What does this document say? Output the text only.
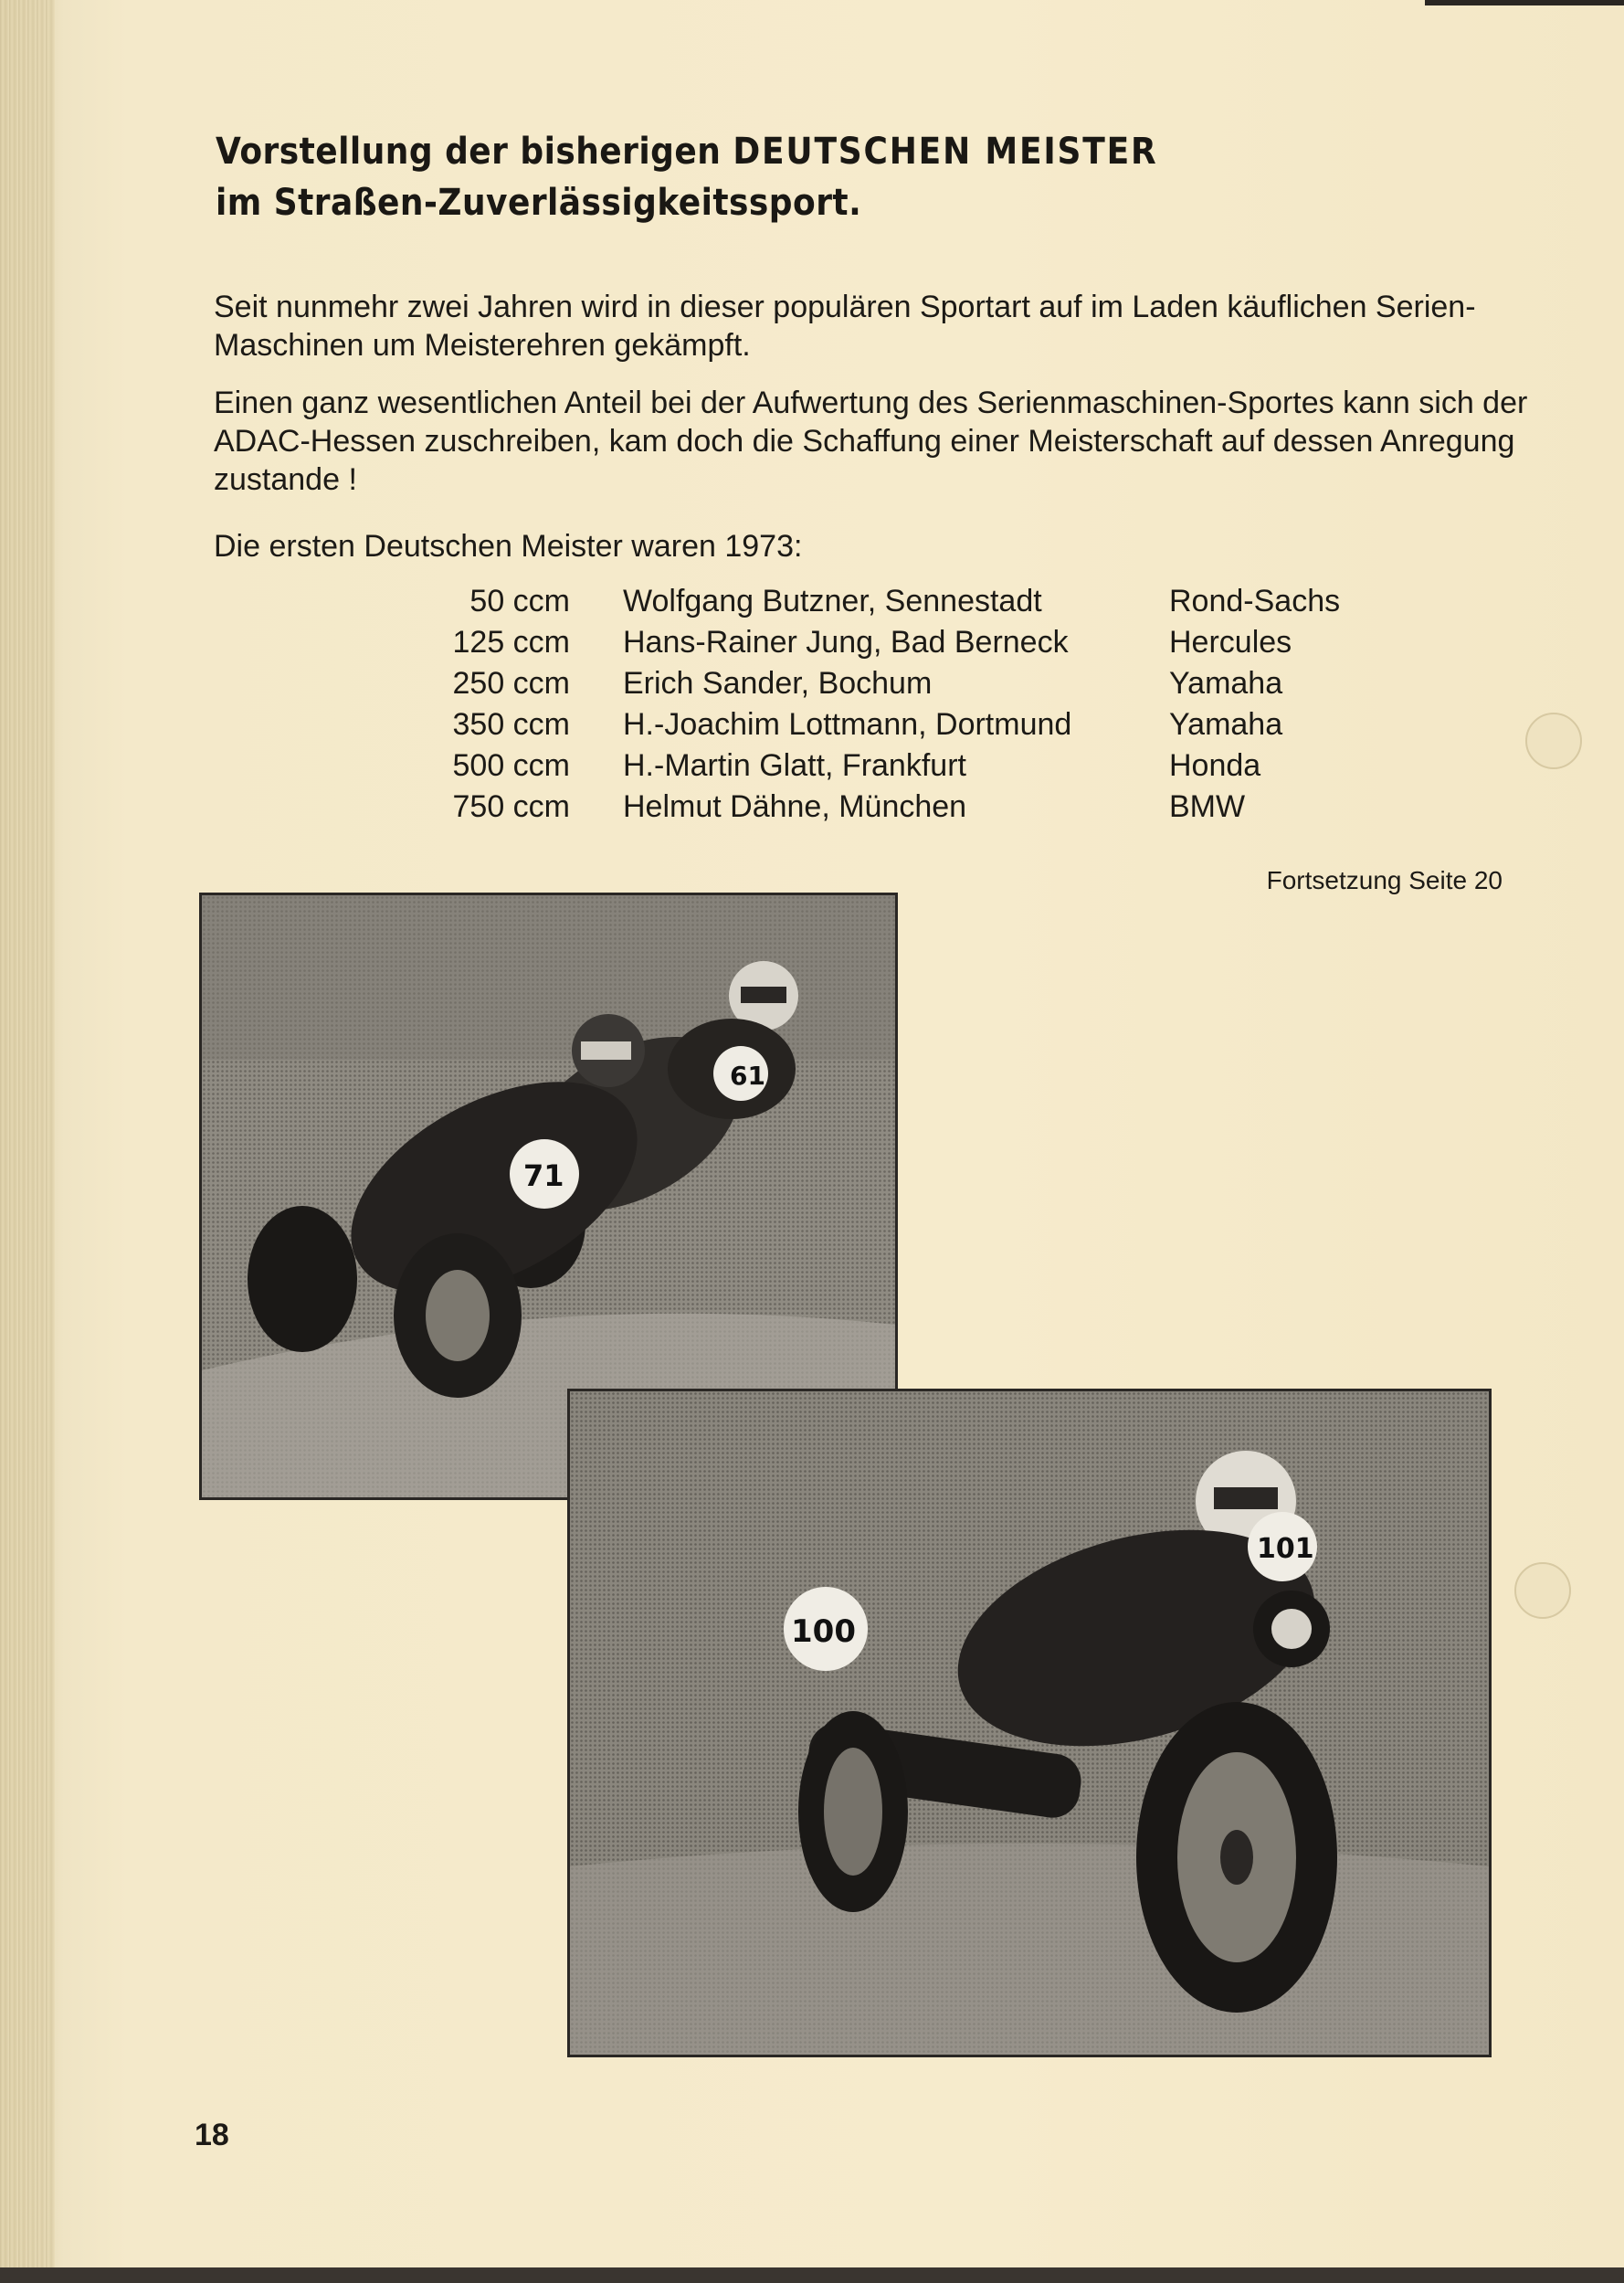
Vorstellung der bisherigen DEUTSCHEN MEISTER
im Straßen-Zuverlässigkeitssport.

Seit nunmehr zwei Jahren wird in dieser populären Sportart auf im Laden käuflichen Serien-Maschinen um Meisterehren gekämpft.

Einen ganz wesentlichen Anteil bei der Aufwertung des Serienmaschinen-Sportes kann sich der ADAC-Hessen zuschreiben, kam doch die Schaffung einer Meisterschaft auf dessen Anregung zustande !

Die ersten Deutschen Meister waren 1973:

50 ccm Wolfgang Butzner, Sennestadt	Rond-Sachs
125 ccm Hans-Rainer Jung, Bad Berneck	Hercules
250 ccm Erich Sander, Bochum	Yamaha
350 ccm H.-Joachim Lottmann, Dortmund	Yamaha
500 ccm H.-Martin Glatt, Frankfurt	Honda
750 ccm Helmut Dähne, München	BMW
Fortsetzung Seite 20
61
71
101
100
18
